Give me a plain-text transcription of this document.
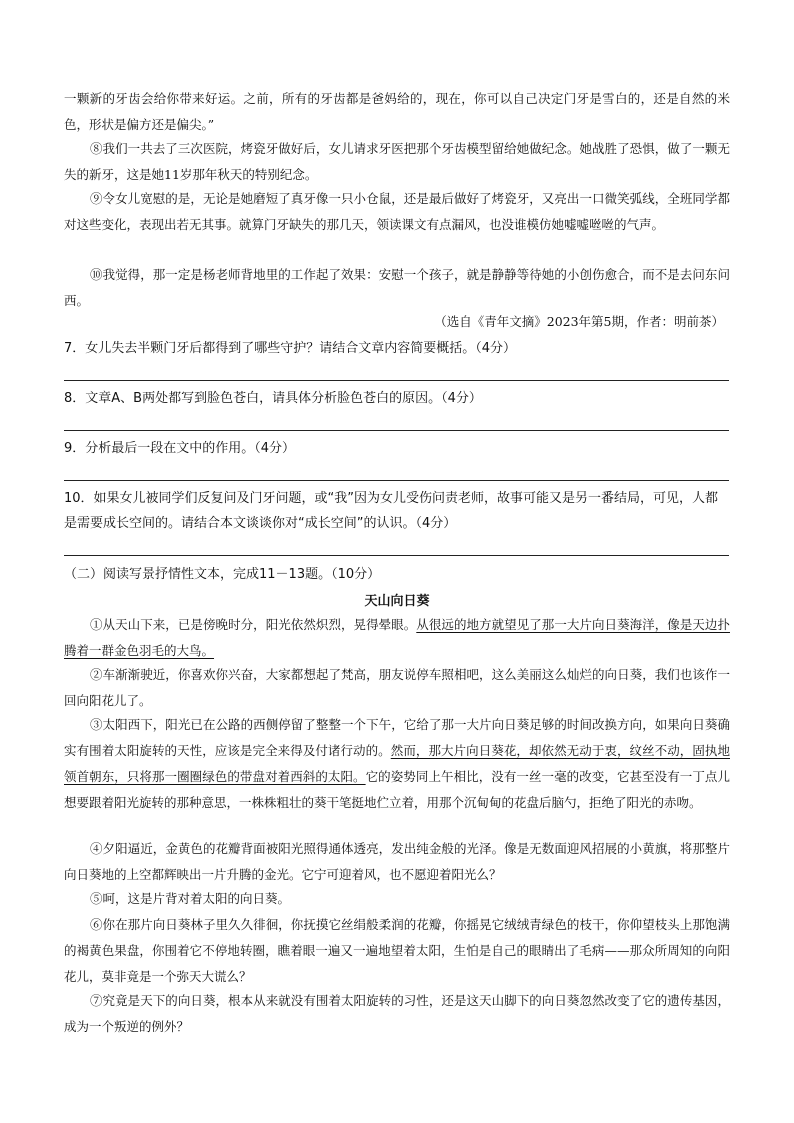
一颗新的牙齿会给你带来好运。之前，所有的牙齿都是爸妈给的，现在，你可以自己决定门牙是雪白的，还是自然的米色，形状是偏方还是偏尖。”
⑧我们一共去了三次医院，烤瓷牙做好后，女儿请求牙医把那个牙齿模型留给她做纪念。她战胜了恐惧，做了一颗无失的新牙，这是她11岁那年秋天的特别纪念。
⑨令女儿宽慰的是，无论是她磨短了真牙像一只小仓鼠，还是最后做好了烤瓷牙，又亮出一口微笑弧线，全班同学都对这些变化，表现出若无其事。就算门牙缺失的那几天，领读课文有点漏风，也没谁模仿她嘘嘘咝咝的气声。
⑩我觉得，那一定是杨老师背地里的工作起了效果：安慰一个孩子，就是静静等待她的小创伤愈合，而不是去问东问西。
（选自《青年文摘》2023年第5期，作者：明前茶）
7．女儿失去半颗门牙后都得到了哪些守护？请结合文章内容简要概括。（4分）
8．文章A、B两处都写到脸色苍白，请具体分析脸色苍白的原因。（4分）
9．分析最后一段在文中的作用。（4分）
10．如果女儿被同学们反复问及门牙问题，或“我”因为女儿受伤问责老师，故事可能又是另一番结局，可见，人都是需要成长空间的。请结合本文谈谈你对“成长空间”的认识。（4分）
（二）阅读写景抒情性文本，完成11－13题。（10分）
天山向日葵
①从天山下来，已是傍晚时分，阳光依然炽烈，晃得晕眼。从很远的地方就望见了那一大片向日葵海洋，像是天边扑腾着一群金色羽毛的大鸟。
②车渐渐驶近，你喜欢你兴奋，大家都想起了梵高，朋友说停车照相吧，这么美丽这么灿烂的向日葵，我们也该作一回向阳花儿了。
③太阳西下，阳光已在公路的西侧停留了整整一个下午，它给了那一大片向日葵足够的时间改换方向，如果向日葵确实有围着太阳旋转的天性，应该是完全来得及付诸行动的。然而，那大片向日葵花，却依然无动于衷，纹丝不动，固执地领首朝东，只将那一圈圈绿色的带盘对着西斜的太阳。它的姿势同上午相比，没有一丝一毫的改变，它甚至没有一丁点儿想要跟着阳光旋转的那种意思，一株株粗壮的葵干笔挺地伫立着，用那个沉甸甸的花盘后脑勺，拒绝了阳光的赤吻。
④夕阳逼近，金黄色的花瓣背面被阳光照得通体透亮，发出纯金般的光泽。像是无数面迎风招展的小黄旗，将那整片向日葵地的上空都辉映出一片升腾的金光。它宁可迎着风，也不愿迎着阳光么？
⑤呵，这是片背对着太阳的向日葵。
⑥你在那片向日葵林子里久久徘徊，你抚摸它丝绢般柔润的花瓣，你摇晃它绒绒青绿色的枝干，你仰望枝头上那饱满的褐黄色果盘，你围着它不停地转圈，瞧着眼一遍又一遍地望着太阳，生怕是自己的眼睛出了毛病——那众所周知的向阳花儿，莫非竟是一个弥天大谎么？
⑦究竟是天下的向日葵，根本从来就没有围着太阳旋转的习性，还是这天山脚下的向日葵忽然改变了它的遗传基因，成为一个叛逆的例外？
